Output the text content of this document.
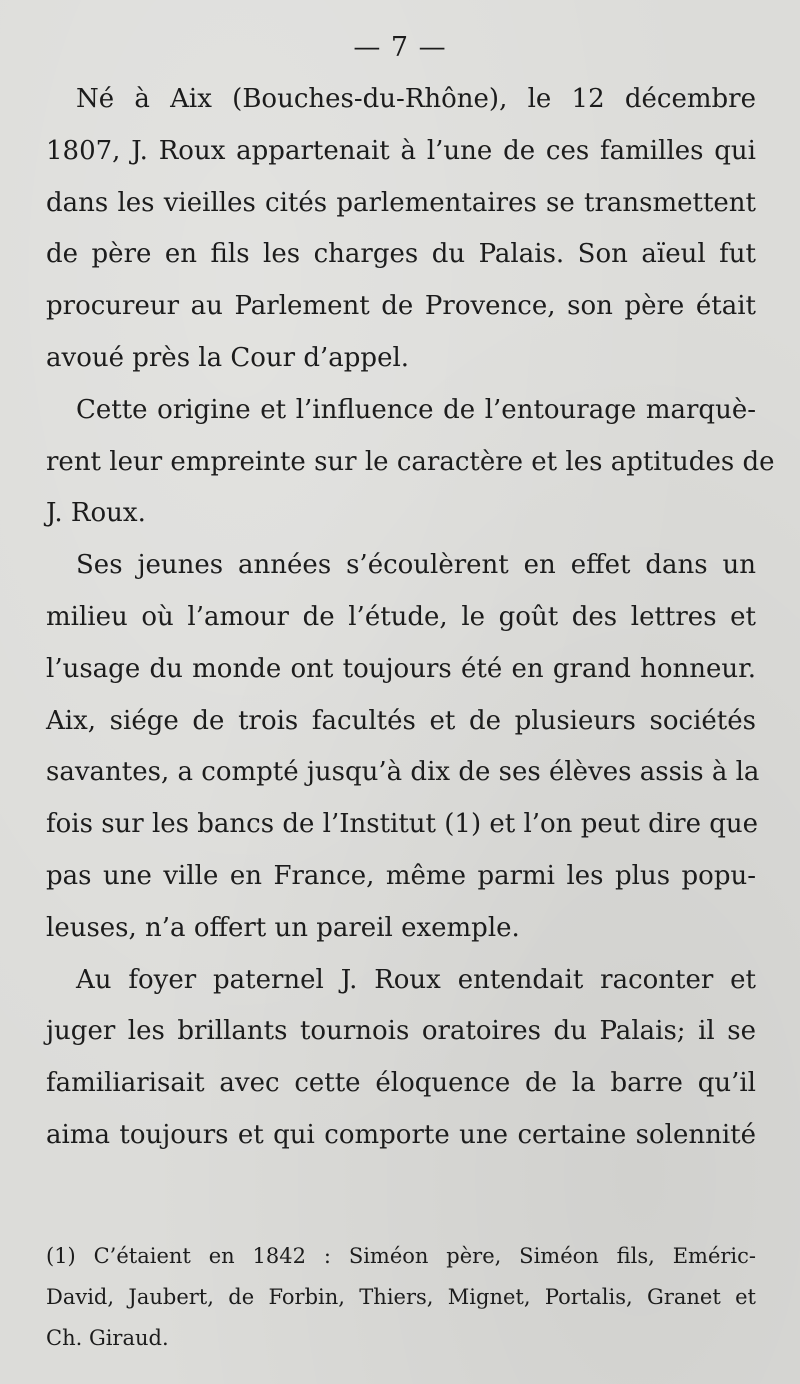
— 7 —

Né à Aix (Bouches-du-Rhône), le 12 décembre
1807, J. Roux appartenait à l’une de ces familles qui
dans les vieilles cités parlementaires se transmettent
de père en fils les charges du Palais. Son aïeul fut
procureur au Parlement de Provence, son père était
avoué près la Cour d’appel.

Cette origine et l’influence de l’entourage marquè-
rent leur empreinte sur le caractère et les aptitudes de
J. Roux.

Ses jeunes années s’écoulèrent en effet dans un
milieu où l’amour de l’étude, le goût des lettres et
l’usage du monde ont toujours été en grand honneur.
Aix, siége de trois facultés et de plusieurs sociétés
savantes, a compté jusqu’à dix de ses élèves assis à la
fois sur les bancs de l’Institut (1) et l’on peut dire que
pas une ville en France, même parmi les plus popu-
leuses, n’a offert un pareil exemple.

Au foyer paternel J. Roux entendait raconter et
juger les brillants tournois oratoires du Palais; il se
familiarisait avec cette éloquence de la barre qu’il
aima toujours et qui comporte une certaine solennité

(1) C’étaient en 1842 : Siméon père, Siméon fils, Eméric-
David, Jaubert, de Forbin, Thiers, Mignet, Portalis, Granet et
Ch. Giraud.
